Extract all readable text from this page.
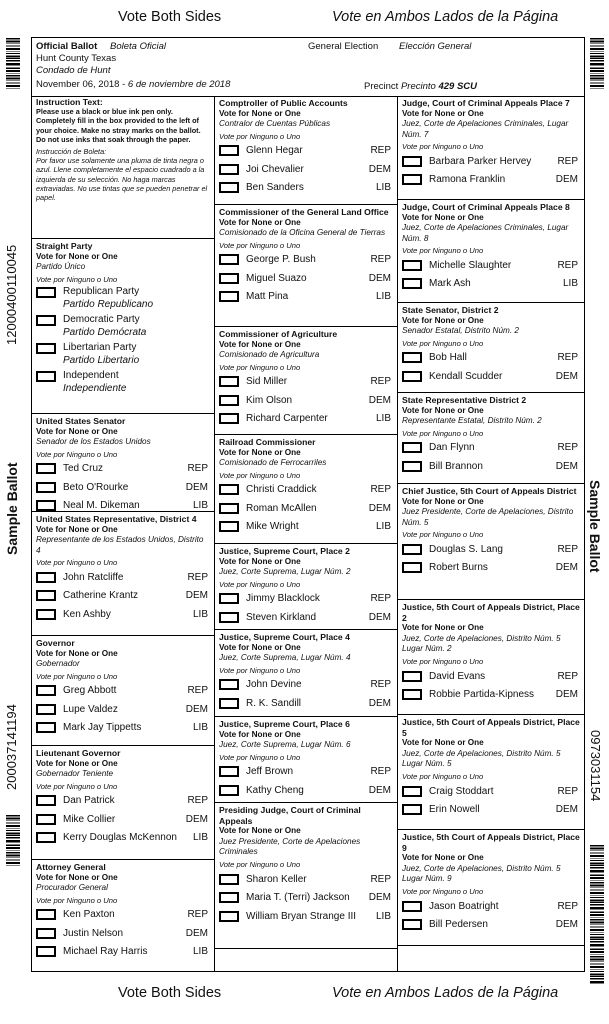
Vote Both Sides	Vote en Ambos Lados de la Página
12000400110045
Sample Ballot
200037141194
Sample Ballot
0973031154
Official Ballot Boleta Oficial
Hunt County Texas
Condado de Hunt
November 06, 2018 - 6 de noviembre de 2018
General Election Elección General
Precinct Precinto 429 SCU
Instruction Text:
Please use a black or blue ink pen only. Completely fill in the box provided to the left of your choice. Make no stray marks on the ballot. Do not use inks that soak through the paper.
Instrucción de Boleta:
Por favor use solamente una pluma de tinta negra o azul. Llene completamente el espacio cuadrado a la izquierda de su selección. No haga marcas extraviadas. No use tintas que se pueden penetrar el papel.
Straight Party
Vote for None or One
Partido Único
Vote por Ninguno o Uno
Republican Party
Partido Republicano
Democratic Party
Partido Demócrata
Libertarian Party
Partido Libertario
Independent
Independiente
United States Senator
Vote for None or One
Senador de los Estados Unidos
Vote por Ninguno o Uno
Ted Cruz	REP
Beto O'Rourke	DEM
Neal M. Dikeman	LIB
United States Representative, District 4
Vote for None or One
Representante de los Estados Unidos, Distrito 4
Vote por Ninguno o Uno
John Ratcliffe	REP
Catherine Krantz	DEM
Ken Ashby	LIB
Governor
Vote for None or One
Gobernador
Vote por Ninguno o Uno
Greg Abbott	REP
Lupe Valdez	DEM
Mark Jay Tippetts	LIB
Lieutenant Governor
Vote for None or One
Gobernador Teniente
Vote por Ninguno o Uno
Dan Patrick	REP
Mike Collier	DEM
Kerry Douglas McKennon LIB
Attorney General
Vote for None or One
Procurador General
Vote por Ninguno o Uno
Ken Paxton	REP
Justin Nelson	DEM
Michael Ray Harris	LIB
Comptroller of Public Accounts
Vote for None or One
Contralor de Cuentas Públicas
Vote por Ninguno o Uno
Glenn Hegar	REP
Joi Chevalier	DEM
Ben Sanders	LIB
Commissioner of the General Land Office
Vote for None or One
Comisionado de la Oficina General de Tierras
Vote por Ninguno o Uno
George P. Bush	REP
Miguel Suazo	DEM
Matt Pina	LIB
Commissioner of Agriculture
Vote for None or One
Comisionado de Agricultura
Vote por Ninguno o Uno
Sid Miller	REP
Kim Olson	DEM
Richard Carpenter	LIB
Railroad Commissioner
Vote for None or One
Comisionado de Ferrocarriles
Vote por Ninguno o Uno
Christi Craddick	REP
Roman McAllen	DEM
Mike Wright	LIB
Justice, Supreme Court, Place 2
Vote for None or One
Juez, Corte Suprema, Lugar Núm. 2
Vote por Ninguno o Uno
Jimmy Blacklock	REP
Steven Kirkland	DEM
Justice, Supreme Court, Place 4
Vote for None or One
Juez, Corte Suprema, Lugar Núm. 4
Vote por Ninguno o Uno
John Devine	REP
R. K. Sandill	DEM
Justice, Supreme Court, Place 6
Vote for None or One
Juez, Corte Suprema, Lugar Núm. 6
Vote por Ninguno o Uno
Jeff Brown	REP
Kathy Cheng	DEM
Presiding Judge, Court of Criminal Appeals
Vote for None or One
Juez Presidente, Corte de Apelaciones Criminales
Vote por Ninguno o Uno
Sharon Keller	REP
Maria T. (Terri) Jackson DEM
William Bryan Strange III LIB
Judge, Court of Criminal Appeals Place 7
Vote for None or One
Juez, Corte de Apelaciones Criminales, Lugar Núm. 7
Vote por Ninguno o Uno
Barbara Parker Hervey	REP
Ramona Franklin	DEM
Judge, Court of Criminal Appeals Place 8
Vote for None or One
Juez, Corte de Apelaciones Criminales, Lugar Núm. 8
Vote por Ninguno o Uno
Michelle Slaughter	REP
Mark Ash	LIB
State Senator, District 2
Vote for None or One
Senador Estatal, Distrito Núm. 2
Vote por Ninguno o Uno
Bob Hall	REP
Kendall Scudder	DEM
State Representative District 2
Vote for None or One
Representante Estatal, Distrito Núm. 2
Vote por Ninguno o Uno
Dan Flynn	REP
Bill Brannon	DEM
Chief Justice, 5th Court of Appeals District
Vote for None or One
Juez Presidente, Corte de Apelaciones, Distrito Núm. 5
Vote por Ninguno o Uno
Douglas S. Lang	REP
Robert Burns	DEM
Justice, 5th Court of Appeals District, Place 2
Vote for None or One
Juez, Corte de Apelaciones, Distrito Núm. 5 Lugar Núm. 2
Vote por Ninguno o Uno
David Evans	REP
Robbie Partida-Kipness DEM
Justice, 5th Court of Appeals District, Place 5
Vote for None or One
Juez, Corte de Apelaciones, Distrito Núm. 5 Lugar Núm. 5
Vote por Ninguno o Uno
Craig Stoddart	REP
Erin Nowell	DEM
Justice, 5th Court of Appeals District, Place 9
Vote for None or One
Juez, Corte de Apelaciones, Distrito Núm. 5 Lugar Núm. 9
Vote por Ninguno o Uno
Jason Boatright	REP
Bill Pedersen	DEM
Vote Both Sides	Vote en Ambos Lados de la Página
